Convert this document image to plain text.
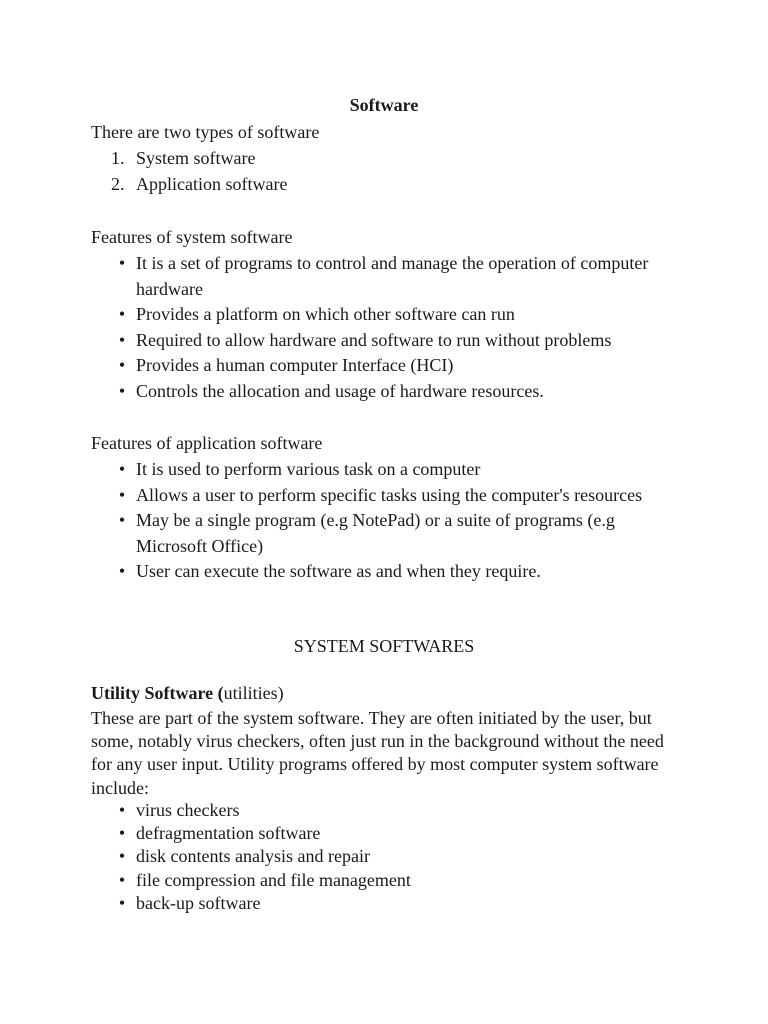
Software

There are two types of software

1. System software
2. Application software

Features of system software

• It is a set of programs to control and manage the operation of computer
hardware
• Provides a platform on which other software can run
• Required to allow hardware and software to run without problems
• Provides a human computer Interface (HCI)
• Controls the allocation and usage of hardware resources.

Features of application software

• It is used to perform various task on a computer
• Allows a user to perform specific tasks using the computer's resources
• May be a single program (e.g NotePad) or a suite of programs (e.g
Microsoft Office)
• User can execute the software as and when they require.

SYSTEM SOFTWARES

Utility Software (utilities)

These are part of the system software. They are often initiated by the user, but some, notably virus checkers, often just run in the background without the need for any user input. Utility programs offered by most computer system software include:

• virus checkers
• defragmentation software
• disk contents analysis and repair
• file compression and file management
• back-up software
